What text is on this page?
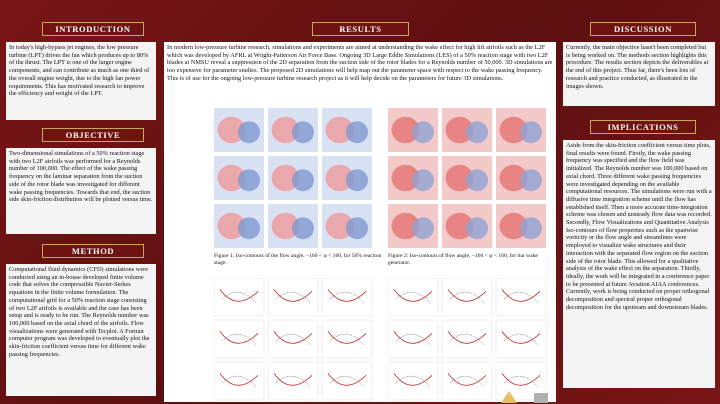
INTRODUCTION

In today's high-bypass jet engines, the low pressure turbine (LPT) drives the fan which produces up to 80% of the thrust. The LPT is one of the larger engine components, and can contribute as much as one third of the overall engine weight, due to the high fan power requirements. This has motivated research to improve the efficiency and weight of the LPT.

OBJECTIVE

Two-dimensional simulations of a 50% reaction stage with two L2F airfoils was performed for a Reynolds number of 100,000. The effect of the wake passing frequency on the laminar separation from the suction side of the rotor blade was investigated for different wake passing frequencies. Towards that end, the suction side skin-friction distribution will be plotted versus time.

METHOD

Computational fluid dynamics (CFD) simulations were conducted using an in-house developed finite volume code that solves the compressible Navier-Stokes equations in the finite volume formulation. The computational grid for a 50% reaction stage consisting of two L2F airfoils is available and the case has been setup and is ready to be run. The Reynolds number was 100,000 based on the axial chord of the airfoils. Flow visualizations were generated with Tecplot. A Fortran computer program was developed to eventually plot the skin-friction coefficient versus time for different wake passing frequencies.

RESULTS

In modern low-pressure turbine research, simulations and experiments are aimed at understanding the wake effect for high lift airfoils such as the L2F which was developed by AFRL at Wright-Patterson Air Force Base. Ongoing 3D Large Eddie Simulations (LES) of a 50% reaction stage with two L2F blades at NMSU reveal a suppression of the 2D separation from the suction side of the rotor blades for a Reynolds number of 50,000. 3D simulations are too expensive for parameter studies. The proposed 2D simulations will help map out the parameter space with respect to the wake passing frequency. This is of use for the ongoing low-pressure turbine research project as it will help decide on the parameters for future 3D simulations.

Figure 1: Iso-contours of the flow angle, −160 < φ < 160, for 50% reaction stage.
Figure 2: Iso-contours of flow angle, −160 < φ < 160, for bar wake generator.
DISCUSSION

Currently, the main objective hasn't been completed but is being worked on. The methods section highlights this procedure. The results section depicts the deliverables at the end of this project. Thus far, there's been lots of research and practice conducted, as illustrated in the images shown.

IMPLICATIONS

Aside from the skin-friction coefficient versus time plots, final results were found. Firstly, the wake passing frequency was specified and the flow field was initialized. The Reynolds number was 100,000 based on axial chord. Three different wake passing frequencies were investigated depending on the available computational resources. The simulations were run with a diffusive time integration scheme until the flow has established itself. Then a more accurate time-integration scheme was chosen and unsteady flow data was recorded. Secondly, Flow Visualizations and Quantitative Analysis Iso-contours of flow properties such as the spanwise vorticity or the flow angle and streamlines were employed to visualize wake structures and their interaction with the separated flow region on the suction side of the rotor blade. This allowed for a qualitative analysis of the wake effect on the separation. Thirdly, ideally, the work will be integrated in a conference paper to be presented at future Aviation AIAA conferences. Currently, work is being conducted on proper orthogonal decomposition and spectral proper orthogonal decomposition for the upstream and downstream blades.
